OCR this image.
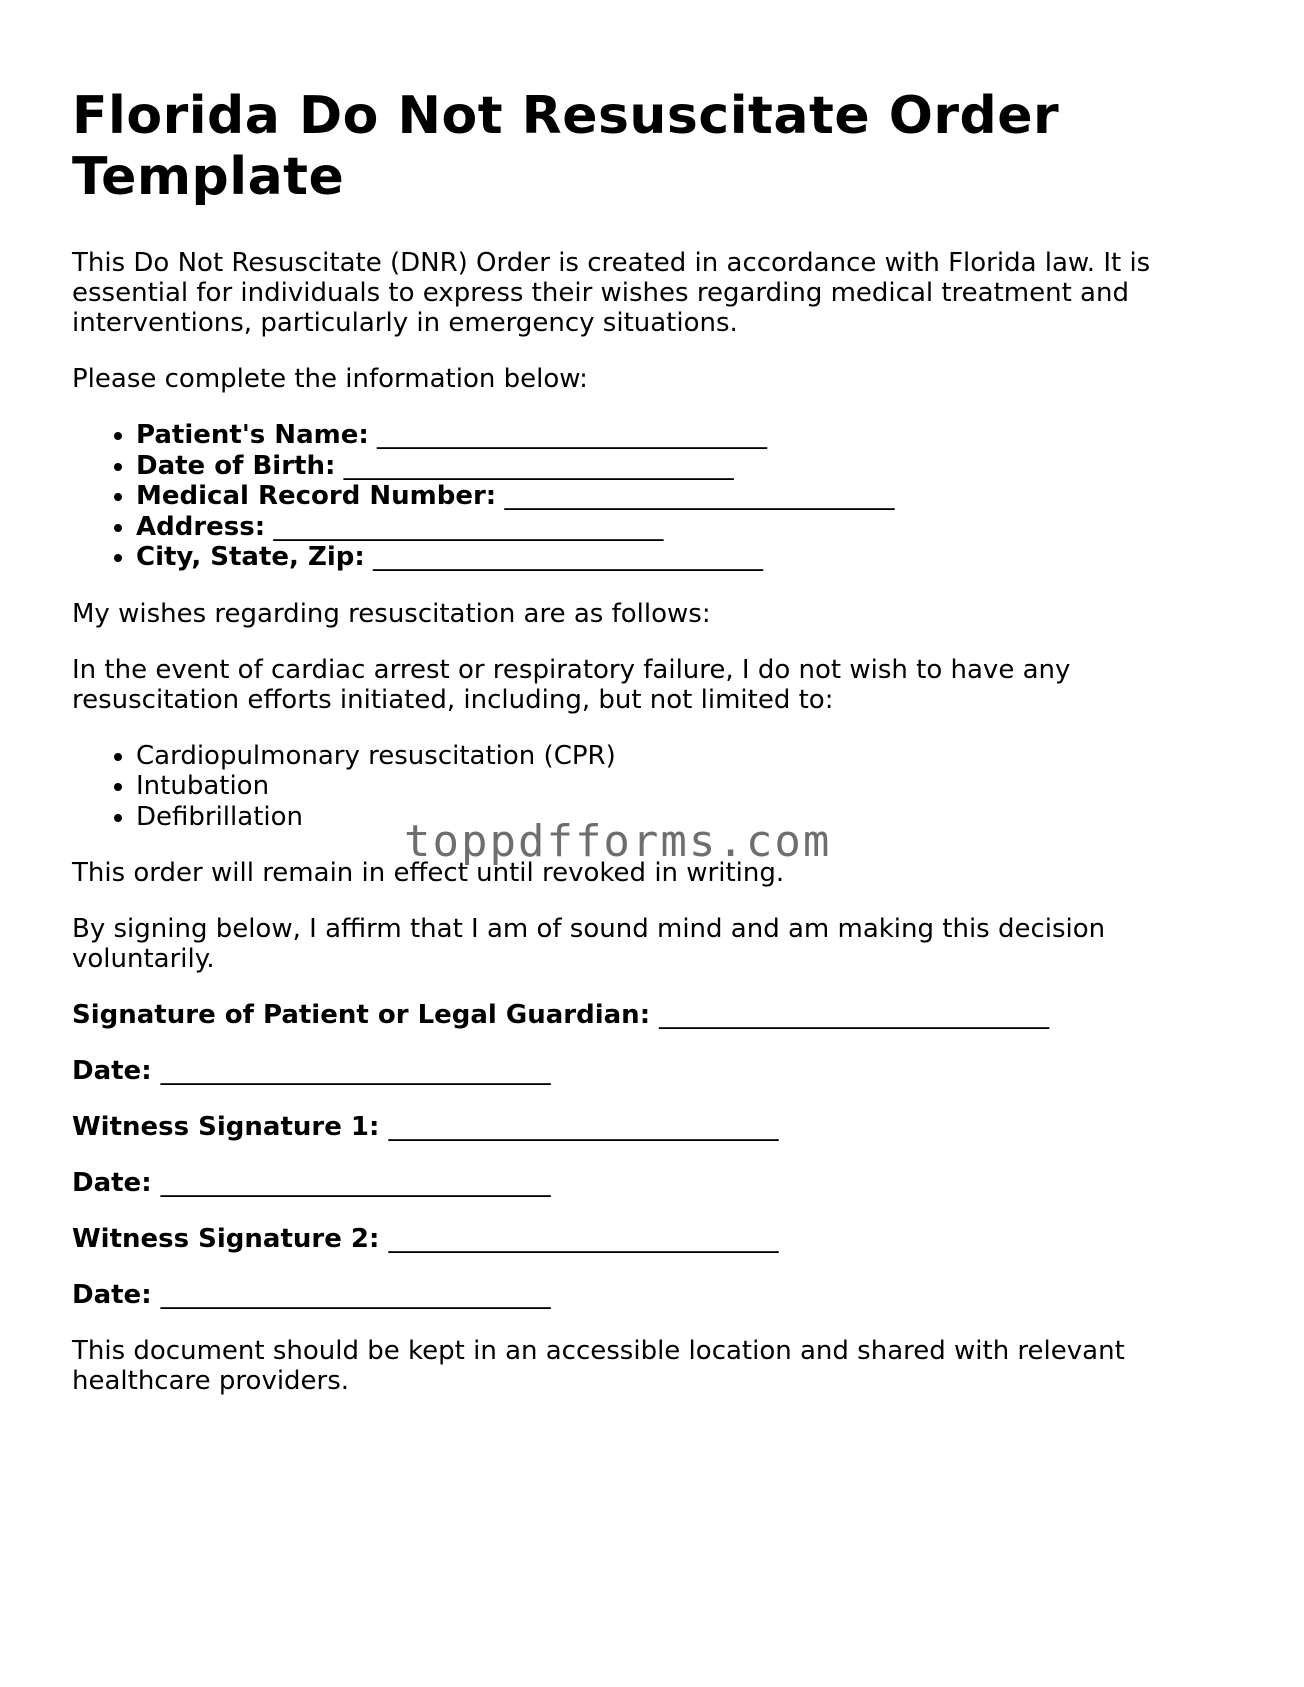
Florida Do Not Resuscitate Order Template

This Do Not Resuscitate (DNR) Order is created in accordance with Florida law. It is essential for individuals to express their wishes regarding medical treatment and interventions, particularly in emergency situations.

Please complete the information below:

• Patient's Name: ______________________________
• Date of Birth: ______________________________
• Medical Record Number: ______________________________
• Address: ______________________________
• City, State, Zip: ______________________________

My wishes regarding resuscitation are as follows:

In the event of cardiac arrest or respiratory failure, I do not wish to have any resuscitation efforts initiated, including, but not limited to:

• Cardiopulmonary resuscitation (CPR)
• Intubation
• Defibrillation

This order will remain in effect until revoked in writing.

By signing below, I affirm that I am of sound mind and am making this decision voluntarily.

Signature of Patient or Legal Guardian: ______________________________
Date: ______________________________
Witness Signature 1: ______________________________
Date: ______________________________
Witness Signature 2: ______________________________
Date: ______________________________

This document should be kept in an accessible location and shared with relevant healthcare providers.

toppdfforms.com
